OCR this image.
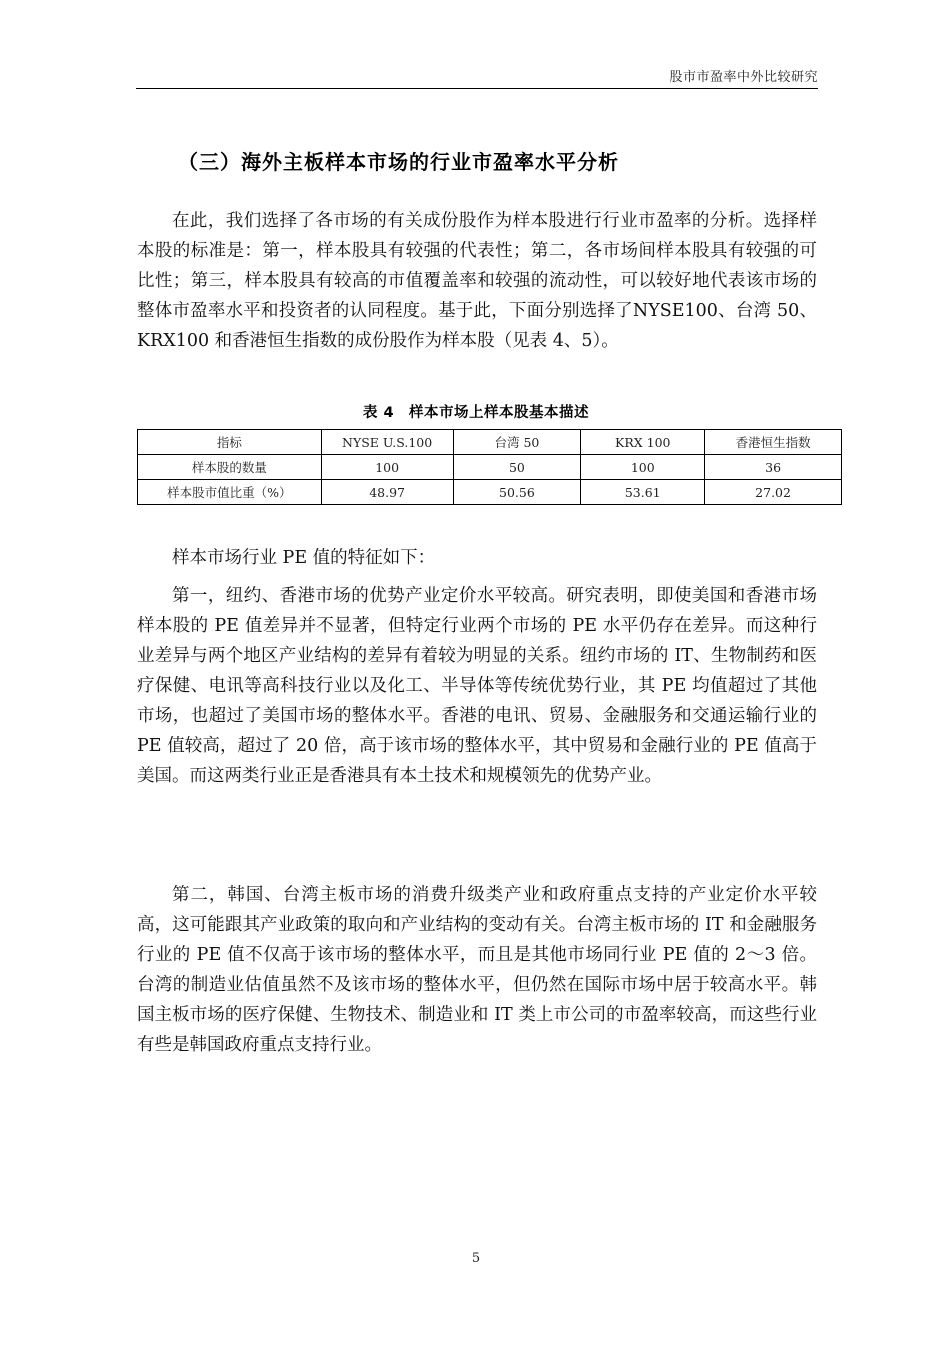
股市市盈率中外比较研究
（三）海外主板样本市场的行业市盈率水平分析

在此，我们选择了各市场的有关成份股作为样本股进行行业市盈率的分析。选择样本股的标准是：第一，样本股具有较强的代表性；第二，各市场间样本股具有较强的可比性；第三，样本股具有较高的市值覆盖率和较强的流动性，可以较好地代表该市场的整体市盈率水平和投资者的认同程度。基于此，下面分别选择了NYSE100、台湾 50、KRX100 和香港恒生指数的成份股作为样本股（见表 4、5）。

表 4　样本市场上样本股基本描述
指标	NYSE U.S.100	台湾 50	KRX 100	香港恒生指数
样本股的数量	100	50	100	36
样本股市值比重（%）	48.97	50.56	53.61	27.02

样本市场行业 PE 值的特征如下：

第一，纽约、香港市场的优势产业定价水平较高。研究表明，即使美国和香港市场样本股的 PE 值差异并不显著，但特定行业两个市场的 PE 水平仍存在差异。而这种行业差异与两个地区产业结构的差异有着较为明显的关系。纽约市场的 IT、生物制药和医疗保健、电讯等高科技行业以及化工、半导体等传统优势行业，其 PE 均值超过了其他市场，也超过了美国市场的整体水平。香港的电讯、贸易、金融服务和交通运输行业的 PE 值较高，超过了 20 倍，高于该市场的整体水平，其中贸易和金融行业的 PE 值高于美国。而这两类行业正是香港具有本土技术和规模领先的优势产业。

第二，韩国、台湾主板市场的消费升级类产业和政府重点支持的产业定价水平较高，这可能跟其产业政策的取向和产业结构的变动有关。台湾主板市场的 IT 和金融服务行业的 PE 值不仅高于该市场的整体水平，而且是其他市场同行业 PE 值的 2～3 倍。台湾的制造业估值虽然不及该市场的整体水平，但仍然在国际市场中居于较高水平。韩国主板市场的医疗保健、生物技术、制造业和 IT 类上市公司的市盈率较高，而这些行业有些是韩国政府重点支持行业。

5
